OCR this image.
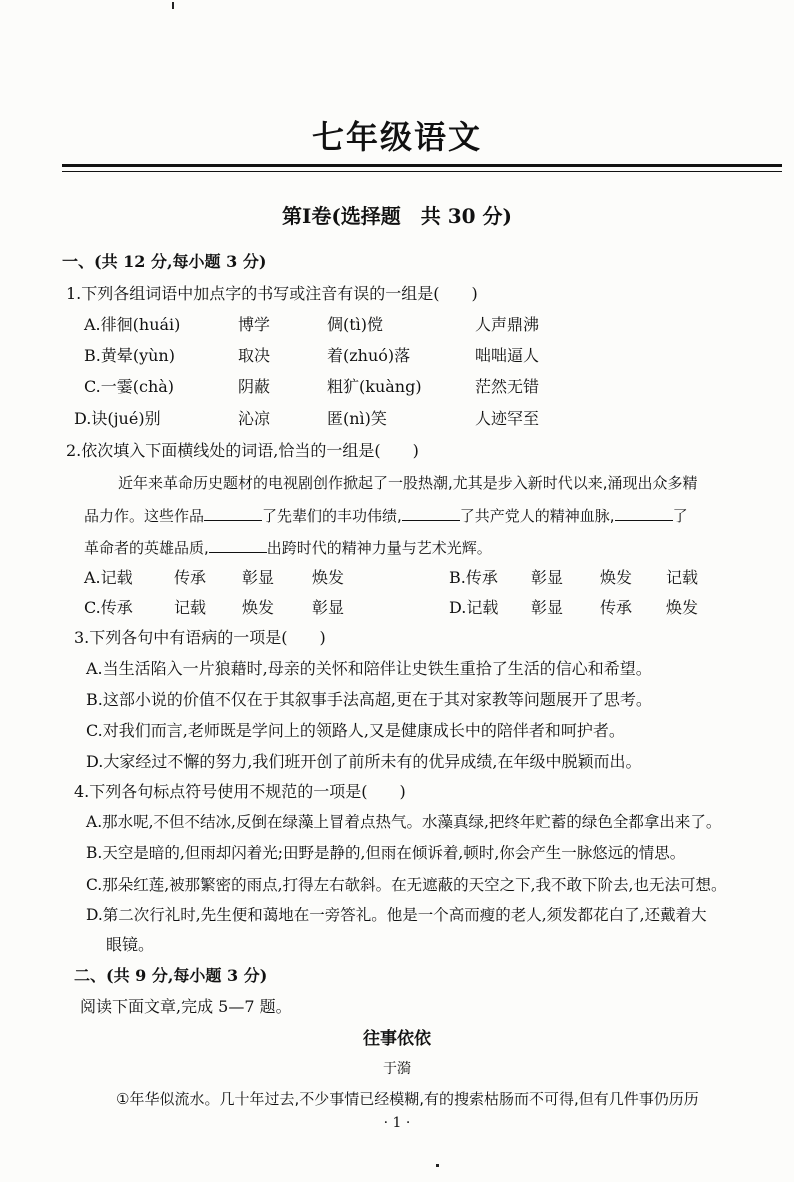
七年级语文
第Ⅰ卷(选择题　共 30 分)
一、(共 12 分,每小题 3 分)
1.下列各组词语中加点字的书写或注音有误的一组是(　　)
A.徘徊(huái)	博学	倜(tì)傥	人声鼎沸
B.黄晕(yùn)	取决	着(zhuó)落	咄咄逼人
C.一霎(chà)	阴蔽	粗犷(kuàng)	茫然无错
D.诀(jué)别	沁凉	匿(nì)笑	人迹罕至
2.依次填入下面横线处的词语,恰当的一组是(　　)
近年来革命历史题材的电视剧创作掀起了一股热潮,尤其是步入新时代以来,涌现出众多精
品力作。这些作品	了先辈们的丰功伟绩,	了共产党人的精神血脉,	了
革命者的英雄品质,	出跨时代的精神力量与艺术光辉。
A.记载	传承 彰显 焕发	B.传承 彰显 焕发 记载
C.传承	记载 焕发 彰显	D.记载 彰显 传承 焕发
3.下列各句中有语病的一项是(　　)
A.当生活陷入一片狼藉时,母亲的关怀和陪伴让史铁生重拾了生活的信心和希望。
B.这部小说的价值不仅在于其叙事手法高超,更在于其对家教等问题展开了思考。
C.对我们而言,老师既是学问上的领路人,又是健康成长中的陪伴者和呵护者。
D.大家经过不懈的努力,我们班开创了前所未有的优异成绩,在年级中脱颖而出。
4.下列各句标点符号使用不规范的一项是(　　)
A.那水呢,不但不结冰,反倒在绿藻上冒着点热气。水藻真绿,把终年贮蓄的绿色全都拿出来了。
B.天空是暗的,但雨却闪着光;田野是静的,但雨在倾诉着,顿时,你会产生一脉悠远的情思。
C.那朵红莲,被那繁密的雨点,打得左右欹斜。在无遮蔽的天空之下,我不敢下阶去,也无法可想。
D.第二次行礼时,先生便和蔼地在一旁答礼。他是一个高而瘦的老人,须发都花白了,还戴着大
眼镜。
二、(共 9 分,每小题 3 分)
阅读下面文章,完成 5—7 题。
往事依依
于漪
①年华似流水。几十年过去,不少事情已经模糊,有的搜索枯肠而不可得,但有几件事仍历历
· 1 ·
